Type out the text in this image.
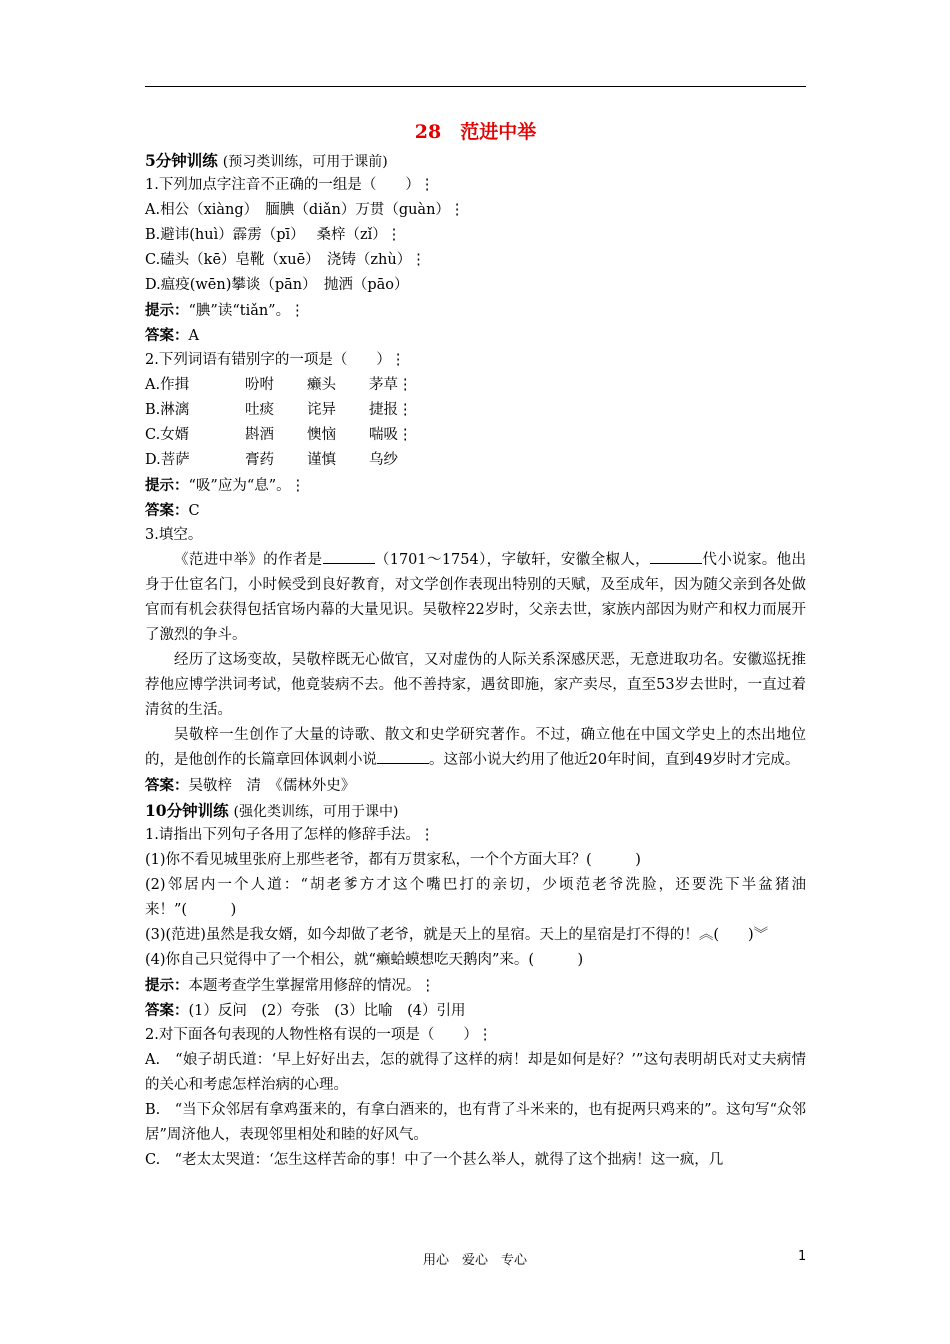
28　范进中举
5分钟训练 (预习类训练，可用于课前)
1.下列加点字注音不正确的一组是（　　）⋮
A.相公（xiàng）　腼腆（diǎn）万贯（guàn）⋮
B.避讳(huì）霹雳（pī）　 桑梓（zǐ）⋮
C.磕头（kē）皂靴（xuē）　浇铸（zhù）⋮
D.瘟疫(wēn)攀谈（pān）　抛洒（pāo）
提示：“腆”读“tiǎn”。⋮
答案：A
2.下列词语有错别字的一项是（　　）⋮
A.作揖	吩咐 癞头 茅草⋮
B.淋漓	吐痰 诧异 捷报⋮
C.女婿	斟酒 懊恼 喘吸⋮
D.菩萨	膏药 谨慎 乌纱
提示：“吸”应为“息”。⋮
答案：C
3.填空。

《范进中举》的作者是	（1701～1754），字敏轩，安徽全椒人，	代小说家。他出身于仕宦名门，小时候受到良好教育，对文学创作表现出特别的天赋，及至成年，因为随父亲到各处做官而有机会获得包括官场内幕的大量见识。吴敬梓22岁时，父亲去世，家族内部因为财产和权力而展开了激烈的争斗。

经历了这场变故，吴敬梓既无心做官，又对虚伪的人际关系深感厌恶，无意进取功名。安徽巡抚推荐他应博学洪词考试，他竟装病不去。他不善持家，遇贫即施，家产卖尽，直至53岁去世时，一直过着清贫的生活。

吴敬梓一生创作了大量的诗歌、散文和史学研究著作。不过，确立他在中国文学史上的杰出地位的，是他创作的长篇章回体讽刺小说	。这部小说大约用了他近20年时间，直到49岁时才完成。

答案：吴敬梓　清　《儒林外史》
10分钟训练 (强化类训练，可用于课中)
1.请指出下列句子各用了怎样的修辞手法。⋮
(1)你不看见城里张府上那些老爷，都有万贯家私，一个个方面大耳？(　　　)

(2)邻居内一个人道：“胡老爹方才这个嘴巴打的亲切，少顷范老爷洗脸，还要洗下半盆猪油来！”(　　　)

(3)(范进)虽然是我女婿，如今却做了老爷，就是天上的星宿。天上的星宿是打不得的！︽(　　)︾

(4)你自己只觉得中了一个相公，就“癞蛤蟆想吃天鹅肉”来。(　　　)
提示：本题考查学生掌握常用修辞的情况。⋮
答案：(1）反问　(2）夸张　(3）比喻　(4）引用
2.对下面各句表现的人物性格有误的一项是（　　）⋮

A.　“娘子胡氏道：‘早上好好出去，怎的就得了这样的病！却是如何是好？’”这句表明胡氏对丈夫病情的关心和考虑怎样治病的心理。

B.　“当下众邻居有拿鸡蛋来的，有拿白酒来的，也有背了斗米来的，也有捉两只鸡来的”。这句写“众邻居”周济他人，表现邻里相处和睦的好风气。

C.　“老太太哭道：‘怎生这样苦命的事！中了一个甚么举人，就得了这个拙病！这一疯，几
用心　爱心　专心	1
